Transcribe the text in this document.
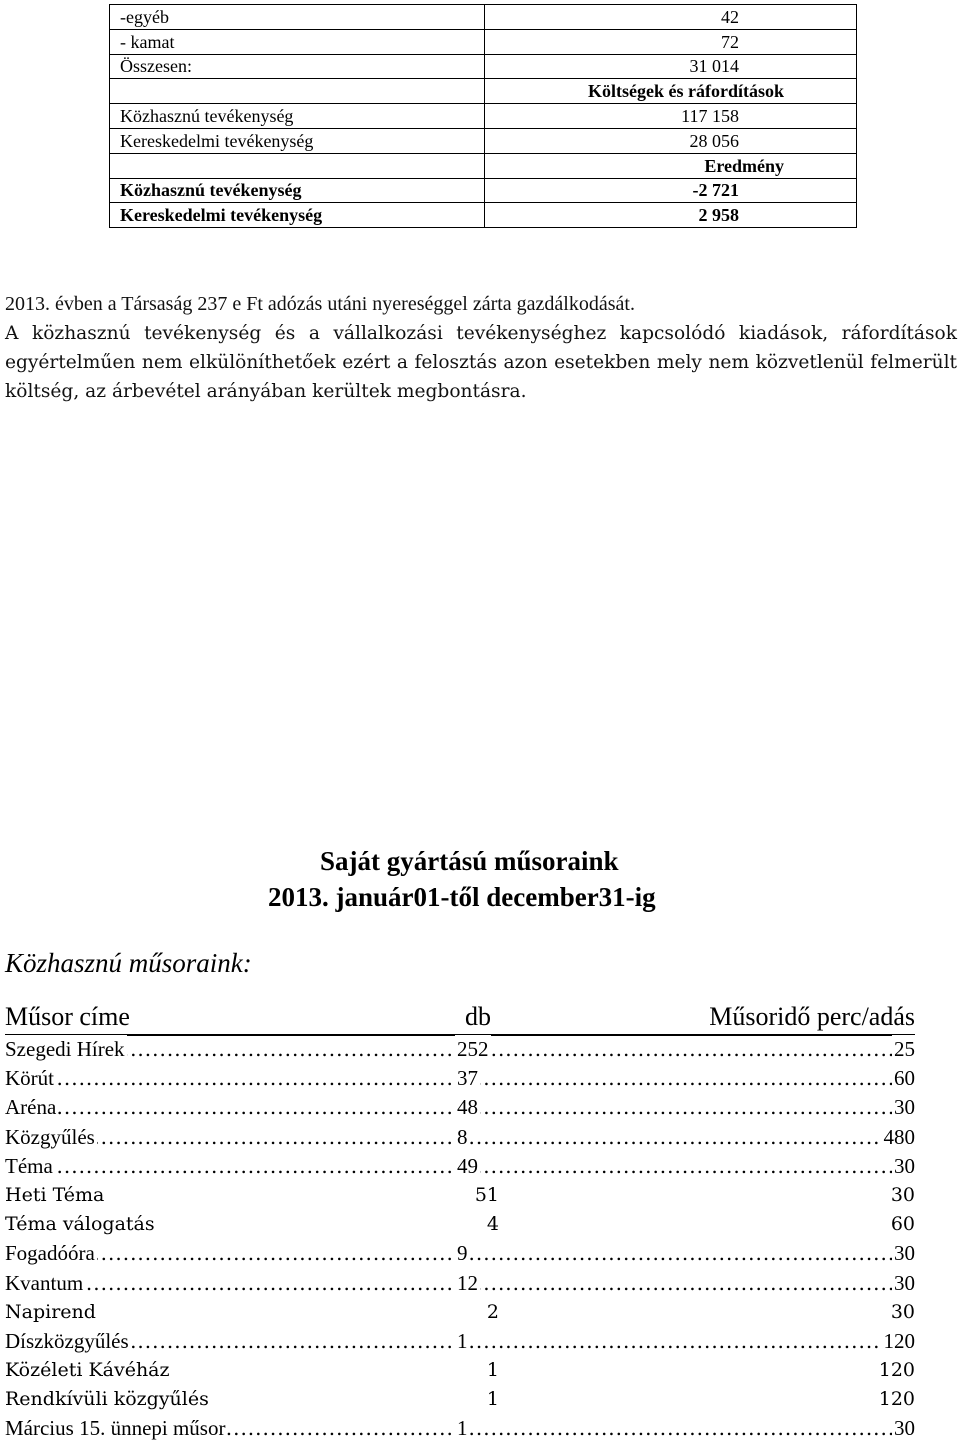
-egyéb	42
- kamat	72
Összesen:	31 014
	Költségek és ráfordítások
Közhasznú tevékenység	117 158
Kereskedelmi tevékenység	28 056
	Eredmény
Közhasznú tevékenység	-2 721
Kereskedelmi tevékenység	2 958

2013. évben a Társaság 237 e Ft adózás utáni nyereséggel zárta gazdálkodását.

A közhasznú tevékenység és a vállalkozási tevékenységhez kapcsolódó kiadások, ráfordítások egyértelműen nem elkülöníthetőek ezért a felosztás azon esetekben mely nem közvetlenül felmerült költség, az árbevétel arányában kerültek megbontásra.

Saját gyártású műsoraink
2013. január01-től december31-ig
Közhasznú műsoraink:
Műsor címe	db	Műsoridő perc/adás
Szegedi Hírek	252	25
Körút	37	60
Aréna	48	30
Közgyűlés	8	480
Téma	49	30
Heti Téma	51	30
Téma válogatás	4	60
Fogadóóra	9	30
Kvantum	12	30
Napirend	2	30
Díszközgyűlés	1	120
Közéleti Kávéház	1	120
Rendkívüli közgyűlés	1	120
Március 15. ünnepi műsor	1	30
